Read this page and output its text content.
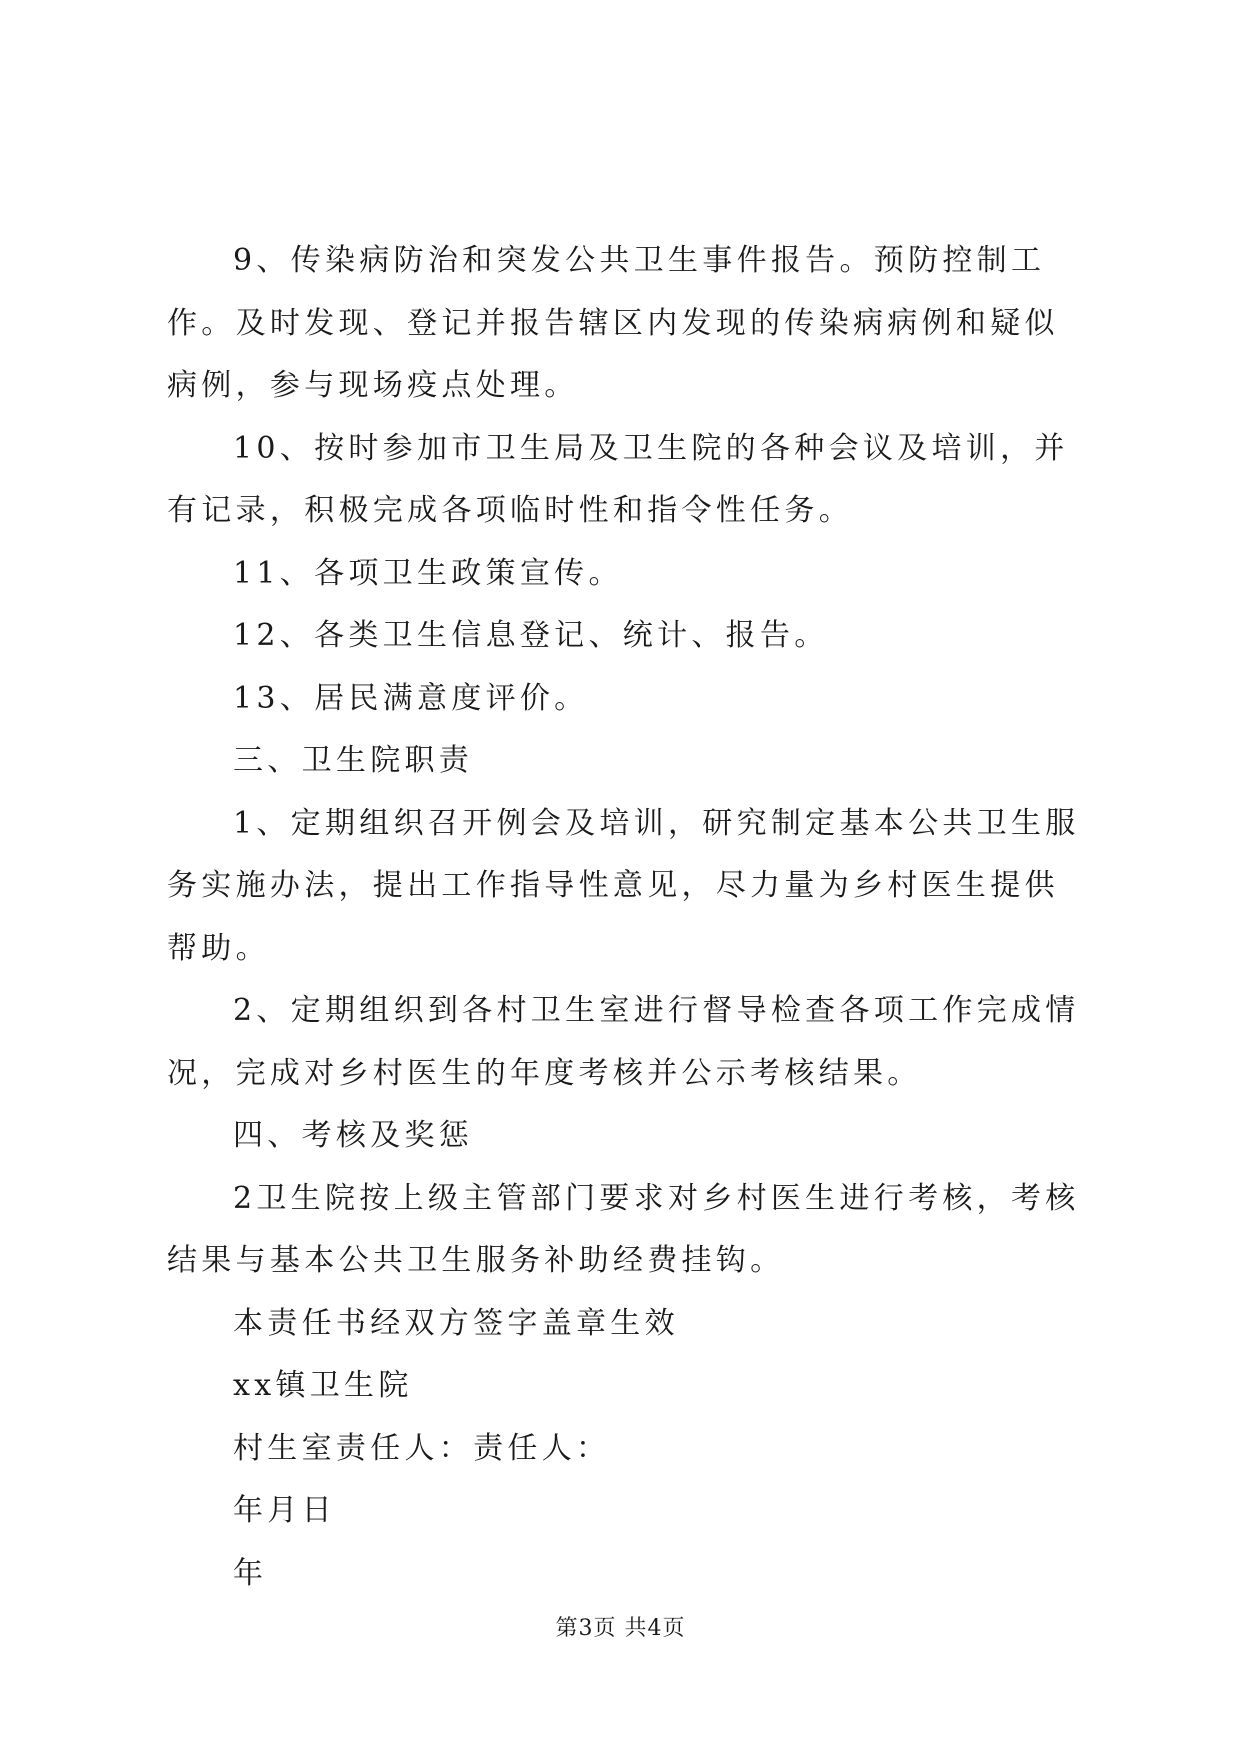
9、传染病防治和突发公共卫生事件报告。预防控制工作。及时发现、登记并报告辖区内发现的传染病病例和疑似病例，参与现场疫点处理。

10、按时参加市卫生局及卫生院的各种会议及培训，并有记录，积极完成各项临时性和指令性任务。

11、各项卫生政策宣传。

12、各类卫生信息登记、统计、报告。

13、居民满意度评价。

三、卫生院职责

1、定期组织召开例会及培训，研究制定基本公共卫生服务实施办法，提出工作指导性意见，尽力量为乡村医生提供帮助。

2、定期组织到各村卫生室进行督导检查各项工作完成情况，完成对乡村医生的年度考核并公示考核结果。

四、考核及奖惩

2卫生院按上级主管部门要求对乡村医生进行考核，考核结果与基本公共卫生服务补助经费挂钩。

本责任书经双方签字盖章生效

xx镇卫生院

村生室责任人：责任人：

年月日

年

第3页 共4页
